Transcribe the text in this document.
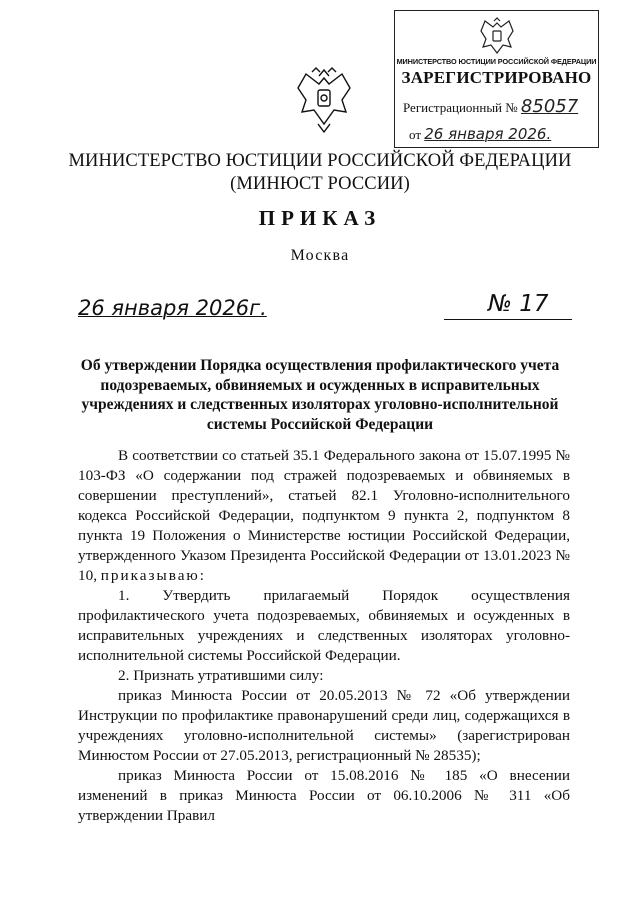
МИНИСТЕРСТВО ЮСТИЦИИ РОССИЙСКОЙ ФЕДЕРАЦИИ
ЗАРЕГИСТРИРОВАНО
Регистрационный № 85057
от 26 января 2026.
МИНИСТЕРСТВО ЮСТИЦИИ РОССИЙСКОЙ ФЕДЕРАЦИИ
(МИНЮСТ РОССИИ)
ПРИКАЗ
Москва
26 января 2026г.	№ 17
Об утверждении Порядка осуществления профилактического учета подозреваемых, обвиняемых и осужденных в исправительных учреждениях и следственных изоляторах уголовно-исполнительной системы Российской Федерации

В соответствии со статьей 35.1 Федерального закона от 15.07.1995 № 103-ФЗ «О содержании под стражей подозреваемых и обвиняемых в совершении преступлений», статьей 82.1 Уголовно-исполнительного кодекса Российской Федерации, подпунктом 9 пункта 2, подпунктом 8 пункта 19 Положения о Министерстве юстиции Российской Федерации, утвержденного Указом Президента Российской Федерации от 13.01.2023 № 10, приказываю:

1. Утвердить прилагаемый Порядок осуществления профилактического учета подозреваемых, обвиняемых и осужденных в исправительных учреждениях и следственных изоляторах уголовно-исполнительной системы Российской Федерации.

2. Признать утратившими силу:

приказ Минюста России от 20.05.2013 № 72 «Об утверждении Инструкции по профилактике правонарушений среди лиц, содержащихся в учреждениях уголовно-исполнительной системы» (зарегистрирован Минюстом России от 27.05.2013, регистрационный № 28535);

приказ Минюста России от 15.08.2016 № 185 «О внесении изменений в приказ Минюста России от 06.10.2006 № 311 «Об утверждении Правил
